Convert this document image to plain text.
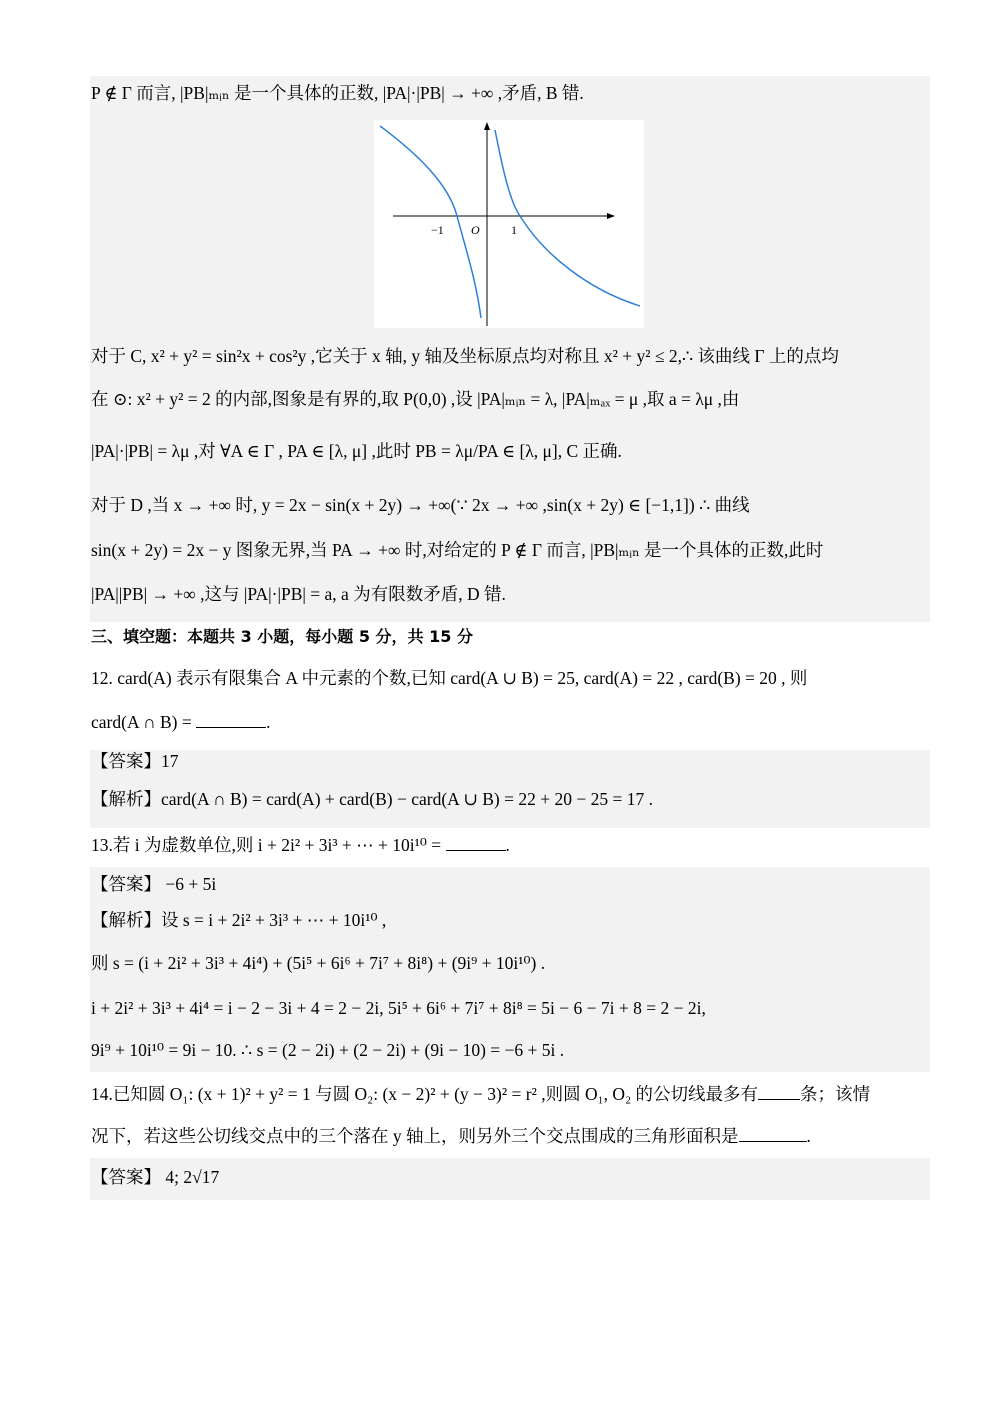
P ∉ Γ 而言, |PB|ₘᵢₙ 是一个具体的正数, |PA|·|PB| → +∞ ,矛盾, B 错.
−1 O	1
对于 C, x² + y² = sin²x + cos²y ,它关于 x 轴, y 轴及坐标原点均对称且 x² + y² ≤ 2,∴ 该曲线 Γ 上的点均
在 ⊙: x² + y² = 2 的内部,图象是有界的,取 P(0,0) ,设 |PA|ₘᵢₙ = λ, |PA|ₘₐₓ = μ ,取 a = λμ ,由
|PA|·|PB| = λμ ,对 ∀A ∈ Γ , PA ∈ [λ, μ] ,此时 PB = λμ/PA ∈ [λ, μ], C 正确.
对于 D ,当 x → +∞ 时, y = 2x − sin(x + 2y) → +∞(∵ 2x → +∞ ,sin(x + 2y) ∈ [−1,1]) ∴ 曲线
sin(x + 2y) = 2x − y 图象无界,当 PA → +∞ 时,对给定的 P ∉ Γ 而言, |PB|ₘᵢₙ 是一个具体的正数,此时
|PA||PB| → +∞ ,这与 |PA|·|PB| = a, a 为有限数矛盾, D 错.
三、填空题：本题共 3 小题，每小题 5 分，共 15 分
12. card(A) 表示有限集合 A 中元素的个数,已知 card(A ∪ B) = 25, card(A) = 22 , card(B) = 20 , 则
card(A ∩ B) =	.
【答案】17
【解析】card(A ∩ B) = card(A) + card(B) − card(A ∪ B) = 22 + 20 − 25 = 17 .
13.若 i 为虚数单位,则 i + 2i² + 3i³ + ⋯ + 10i¹⁰ =	.
【答案】 −6 + 5i
【解析】设 s = i + 2i² + 3i³ + ⋯ + 10i¹⁰ ,
则 s = (i + 2i² + 3i³ + 4i⁴) + (5i⁵ + 6i⁶ + 7i⁷ + 8i⁸) + (9i⁹ + 10i¹⁰) .
i + 2i² + 3i³ + 4i⁴ = i − 2 − 3i + 4 = 2 − 2i, 5i⁵ + 6i⁶ + 7i⁷ + 8i⁸ = 5i − 6 − 7i + 8 = 2 − 2i,
9i⁹ + 10i¹⁰ = 9i − 10. ∴ s = (2 − 2i) + (2 − 2i) + (9i − 10) = −6 + 5i .
14.已知圆 O₁: (x + 1)² + y² = 1 与圆 O₂: (x − 2)² + (y − 3)² = r² ,则圆 O₁, O₂ 的公切线最多有 条；该情
况下，若这些公切线交点中的三个落在 y 轴上，则另外三个交点围成的三角形面积是	.
【答案】 4; 2√17
